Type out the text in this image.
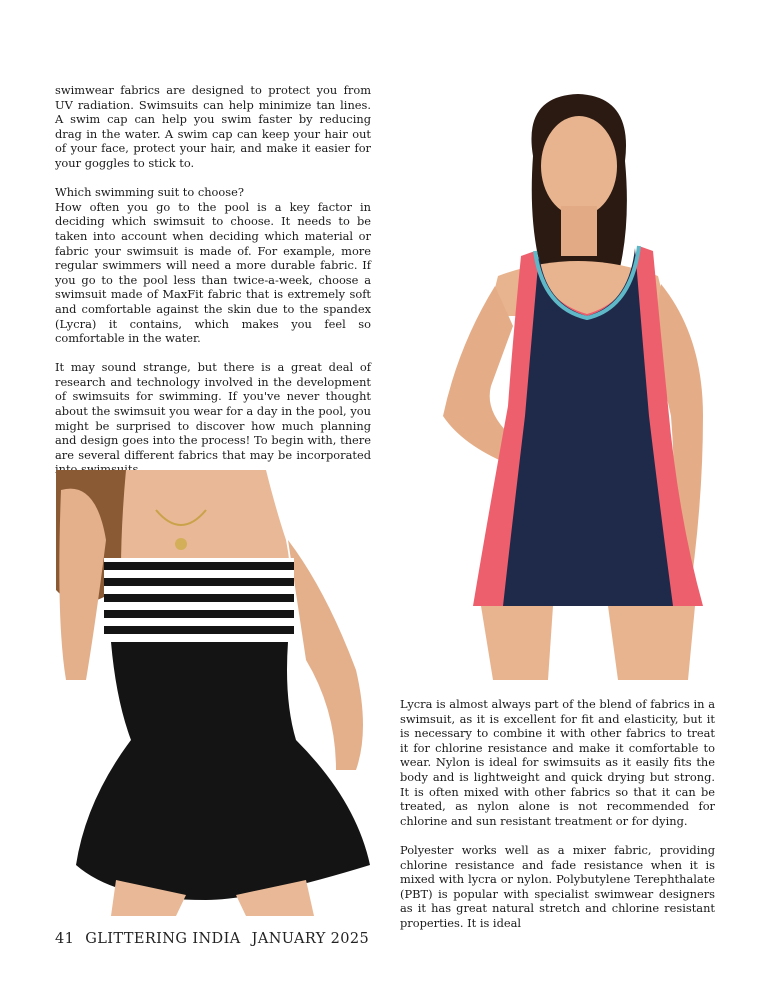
swimwear fabrics are designed to protect you from UV radiation. Swimsuits can help minimize tan lines. A swim cap can help you swim faster by reducing drag in the water. A swim cap can keep your hair out of your face, protect your hair, and make it easier for your goggles to stick to.

Which swimming suit to choose?

How often you go to the pool is a key factor in deciding which swimsuit to choose. It needs to be taken into account when deciding which material or fabric your swimsuit is made of. For example, more regular swimmers will need a more durable fabric. If you go to the pool less than twice-a-week, choose a swimsuit made of MaxFit fabric that is extremely soft and comfortable against the skin due to the spandex (Lycra) it contains, which makes you feel so comfortable in the water.

It may sound strange, but there is a great deal of research and technology involved in the development of swimsuits for swimming. If you've never thought about the swimsuit you wear for a day in the pool, you might be surprised to discover how much planning and design goes into the process! To begin with, there are several different fabrics that may be incorporated

Lycra is almost always part of the blend of fabrics in a swimsuit, as it is excellent for fit and elasticity, but it is necessary to combine it with other fabrics to treat it for chlorine resistance and make it comfortable to wear. Nylon is ideal for swimsuits as it easily fits the body and is lightweight and quick drying but strong. It is often mixed with other fabrics so that it can be treated, as nylon alone is not recommended for chlorine and sun resistant treatment or for dying.

Polyester works well as a mixer fabric, providing chlorine resistance and fade resistance when it is mixed with lycra or nylon. Polybutylene Terephthalate (PBT) is popular with specialist swimwear designers as it has great natural stretch and chlorine resistant properties. It is ideal

41 GLITTERING INDIA JANUARY 2025
